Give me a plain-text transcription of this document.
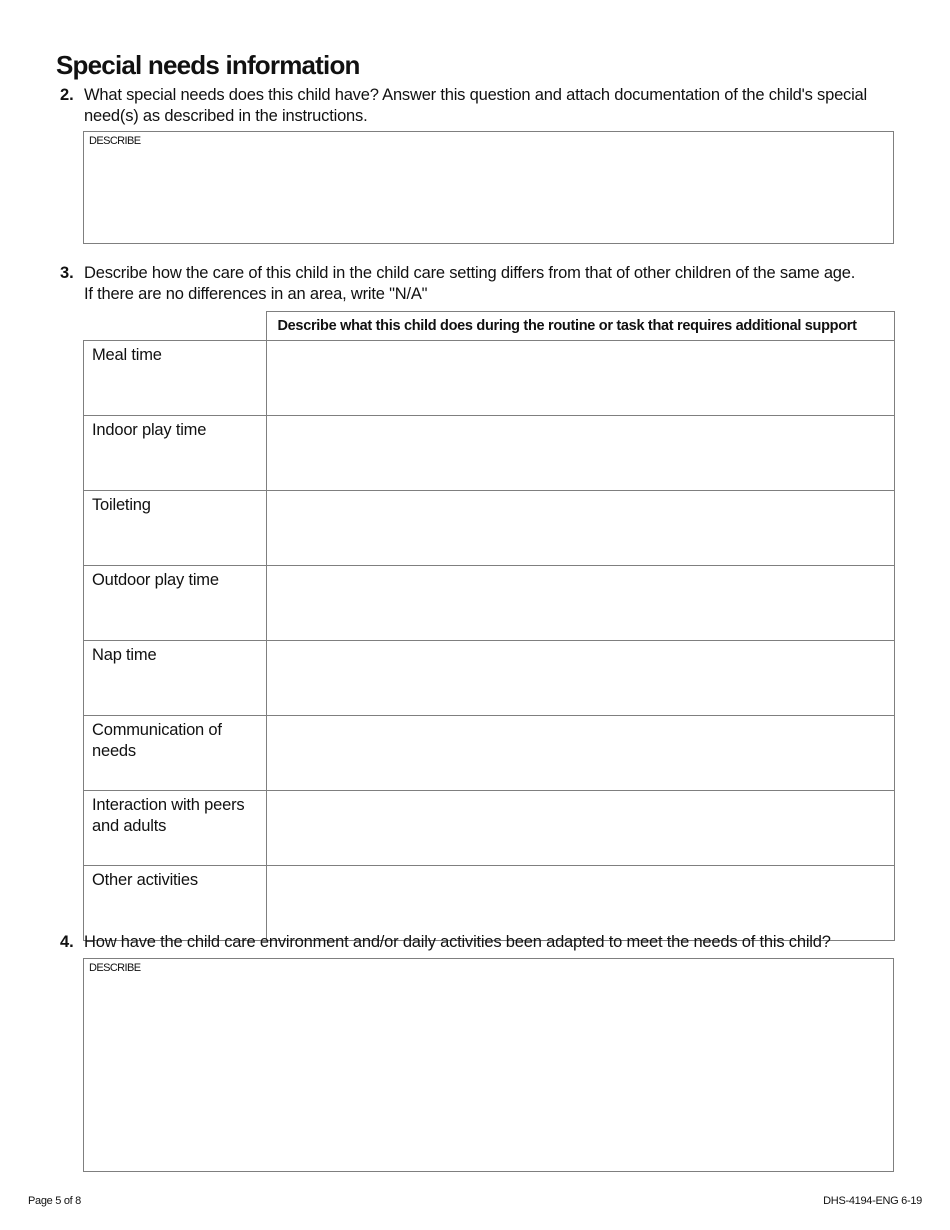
Special needs information
2. What special needs does this child have? Answer this question and attach documentation of the child's special need(s) as described in the instructions.
DESCRIBE
3. Describe how the care of this child in the child care setting differs from that of other children of the same age.
If there are no differences in an area, write "N/A"
	Describe what this child does during the routine or task that requires additional support
Meal time	
Indoor play time	
Toileting	
Outdoor play time	
Nap time	
Communication of needs	
Interaction with peers and adults	
Other activities	
4. How have the child care environment and/or daily activities been adapted to meet the needs of this child?
DESCRIBE
Page 5 of 8	DHS-4194-ENG 6-19
